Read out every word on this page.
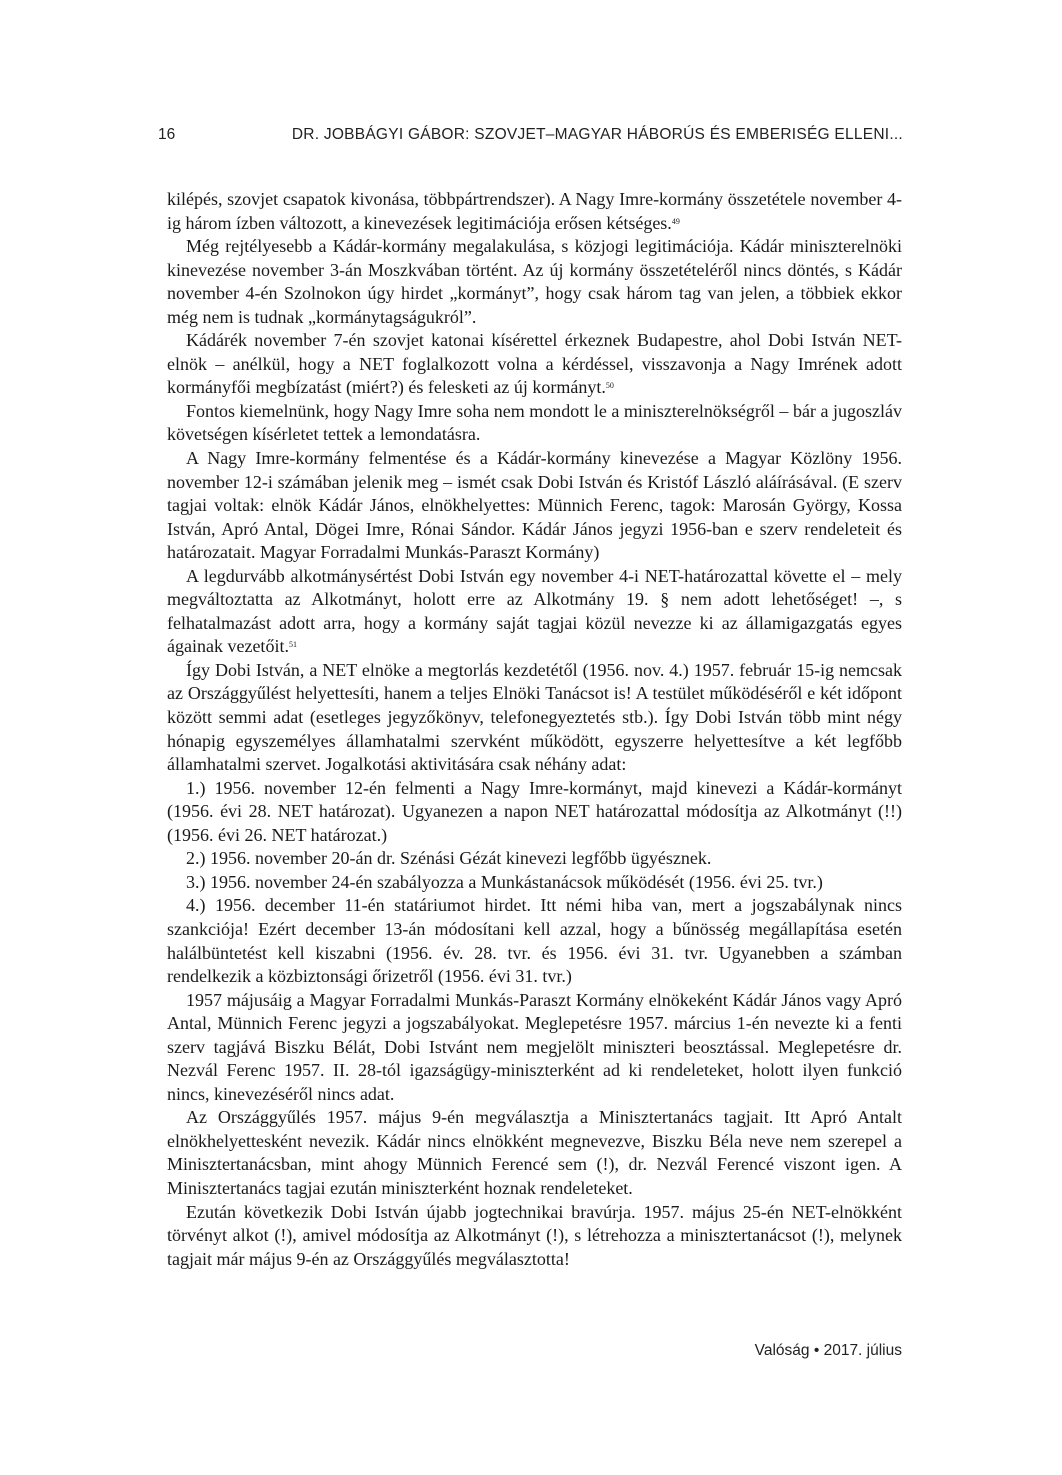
16	DR. JOBBÁGYI GÁBOR: SZOVJET–MAGYAR HÁBORÚS ÉS EMBERISÉG ELLENI...

kilépés, szovjet csapatok kivonása, többpártrendszer). A Nagy Imre-kormány összetétele november 4-ig három ízben változott, a kinevezések legitimációja erősen kétséges.$^{49}$

Még rejtélyesebb a Kádár-kormány megalakulása, s közjogi legitimációja. Kádár miniszterelnöki kinevezése november 3-án Moszkvában történt. Az új kormány összetételéről nincs döntés, s Kádár november 4-én Szolnokon úgy hirdet „kormányt”, hogy csak három tag van jelen, a többiek ekkor még nem is tudnak „kormánytagságukról”.

Kádárék november 7-én szovjet katonai kísérettel érkeznek Budapestre, ahol Dobi István NET-elnök – anélkül, hogy a NET foglalkozott volna a kérdéssel, visszavonja a Nagy Imrének adott kormányfői megbízatást (miért?) és felesketi az új kormányt.$^{50}$

Fontos kiemelnünk, hogy Nagy Imre soha nem mondott le a miniszterelnökségről – bár a jugoszláv követségen kísérletet tettek a lemondatásra.

A Nagy Imre-kormány felmentése és a Kádár-kormány kinevezése a Magyar Közlöny 1956. november 12-i számában jelenik meg – ismét csak Dobi István és Kristóf László aláírásával. (E szerv tagjai voltak: elnök Kádár János, elnökhelyettes: Münnich Ferenc, tagok: Marosán György, Kossa István, Apró Antal, Dögei Imre, Rónai Sándor. Kádár János jegyzi 1956-ban e szerv rendeleteit és határozatait. Magyar Forradalmi Munkás-Paraszt Kormány)

A legdurvább alkotmánysértést Dobi István egy november 4-i NET-határozattal követte el – mely megváltoztatta az Alkotmányt, holott erre az Alkotmány 19. § nem adott lehetőséget! –, s felhatalmazást adott arra, hogy a kormány saját tagjai közül nevezze ki az államigazgatás egyes ágainak vezetőit.$^{51}$

Így Dobi István, a NET elnöke a megtorlás kezdetétől (1956. nov. 4.) 1957. február 15-ig nemcsak az Országgyűlést helyettesíti, hanem a teljes Elnöki Tanácsot is! A testület működéséről e két időpont között semmi adat (esetleges jegyzőkönyv, telefonegyeztetés stb.). Így Dobi István több mint négy hónapig egyszemélyes államhatalmi szervként működött, egyszerre helyettesítve a két legfőbb államhatalmi szervet. Jogalkotási aktivitására csak néhány adat:

1.) 1956. november 12-én felmenti a Nagy Imre-kormányt, majd kinevezi a Kádár-kormányt (1956. évi 28. NET határozat). Ugyanezen a napon NET határozattal módosítja az Alkotmányt (!!) (1956. évi 26. NET határozat.)

2.) 1956. november 20-án dr. Szénási Gézát kinevezi legfőbb ügyésznek.

3.) 1956. november 24-én szabályozza a Munkástanácsok működését (1956. évi 25. tvr.)

4.) 1956. december 11-én statáriumot hirdet. Itt némi hiba van, mert a jogszabálynak nincs szankciója! Ezért december 13-án módosítani kell azzal, hogy a bűnösség megállapítása esetén halálbüntetést kell kiszabni (1956. év. 28. tvr. és 1956. évi 31. tvr. Ugyanebben a számban rendelkezik a közbiztonsági őrizetről (1956. évi 31. tvr.)

1957 májusáig a Magyar Forradalmi Munkás-Paraszt Kormány elnökeként Kádár János vagy Apró Antal, Münnich Ferenc jegyzi a jogszabályokat. Meglepetésre 1957. március 1-én nevezte ki a fenti szerv tagjává Biszku Bélát, Dobi Istvánt nem megjelölt miniszteri beosztással. Meglepetésre dr. Nezvál Ferenc 1957. II. 28-tól igazságügy-miniszterként ad ki rendeleteket, holott ilyen funkció nincs, kinevezéséről nincs adat.

Az Országgyűlés 1957. május 9-én megválasztja a Minisztertanács tagjait. Itt Apró Antalt elnökhelyettesként nevezik. Kádár nincs elnökként megnevezve, Biszku Béla neve nem szerepel a Minisztertanácsban, mint ahogy Münnich Ferencé sem (!), dr. Nezvál Ferencé viszont igen. A Minisztertanács tagjai ezután miniszterként hoznak rendeleteket.

Ezután következik Dobi István újabb jogtechnikai bravúrja. 1957. május 25-én NET-elnökként törvényt alkot (!), amivel módosítja az Alkotmányt (!), s létrehozza a minisztertanácsot (!), melynek tagjait már május 9-én az Országgyűlés megválasztotta!

Valóság • 2017. július
